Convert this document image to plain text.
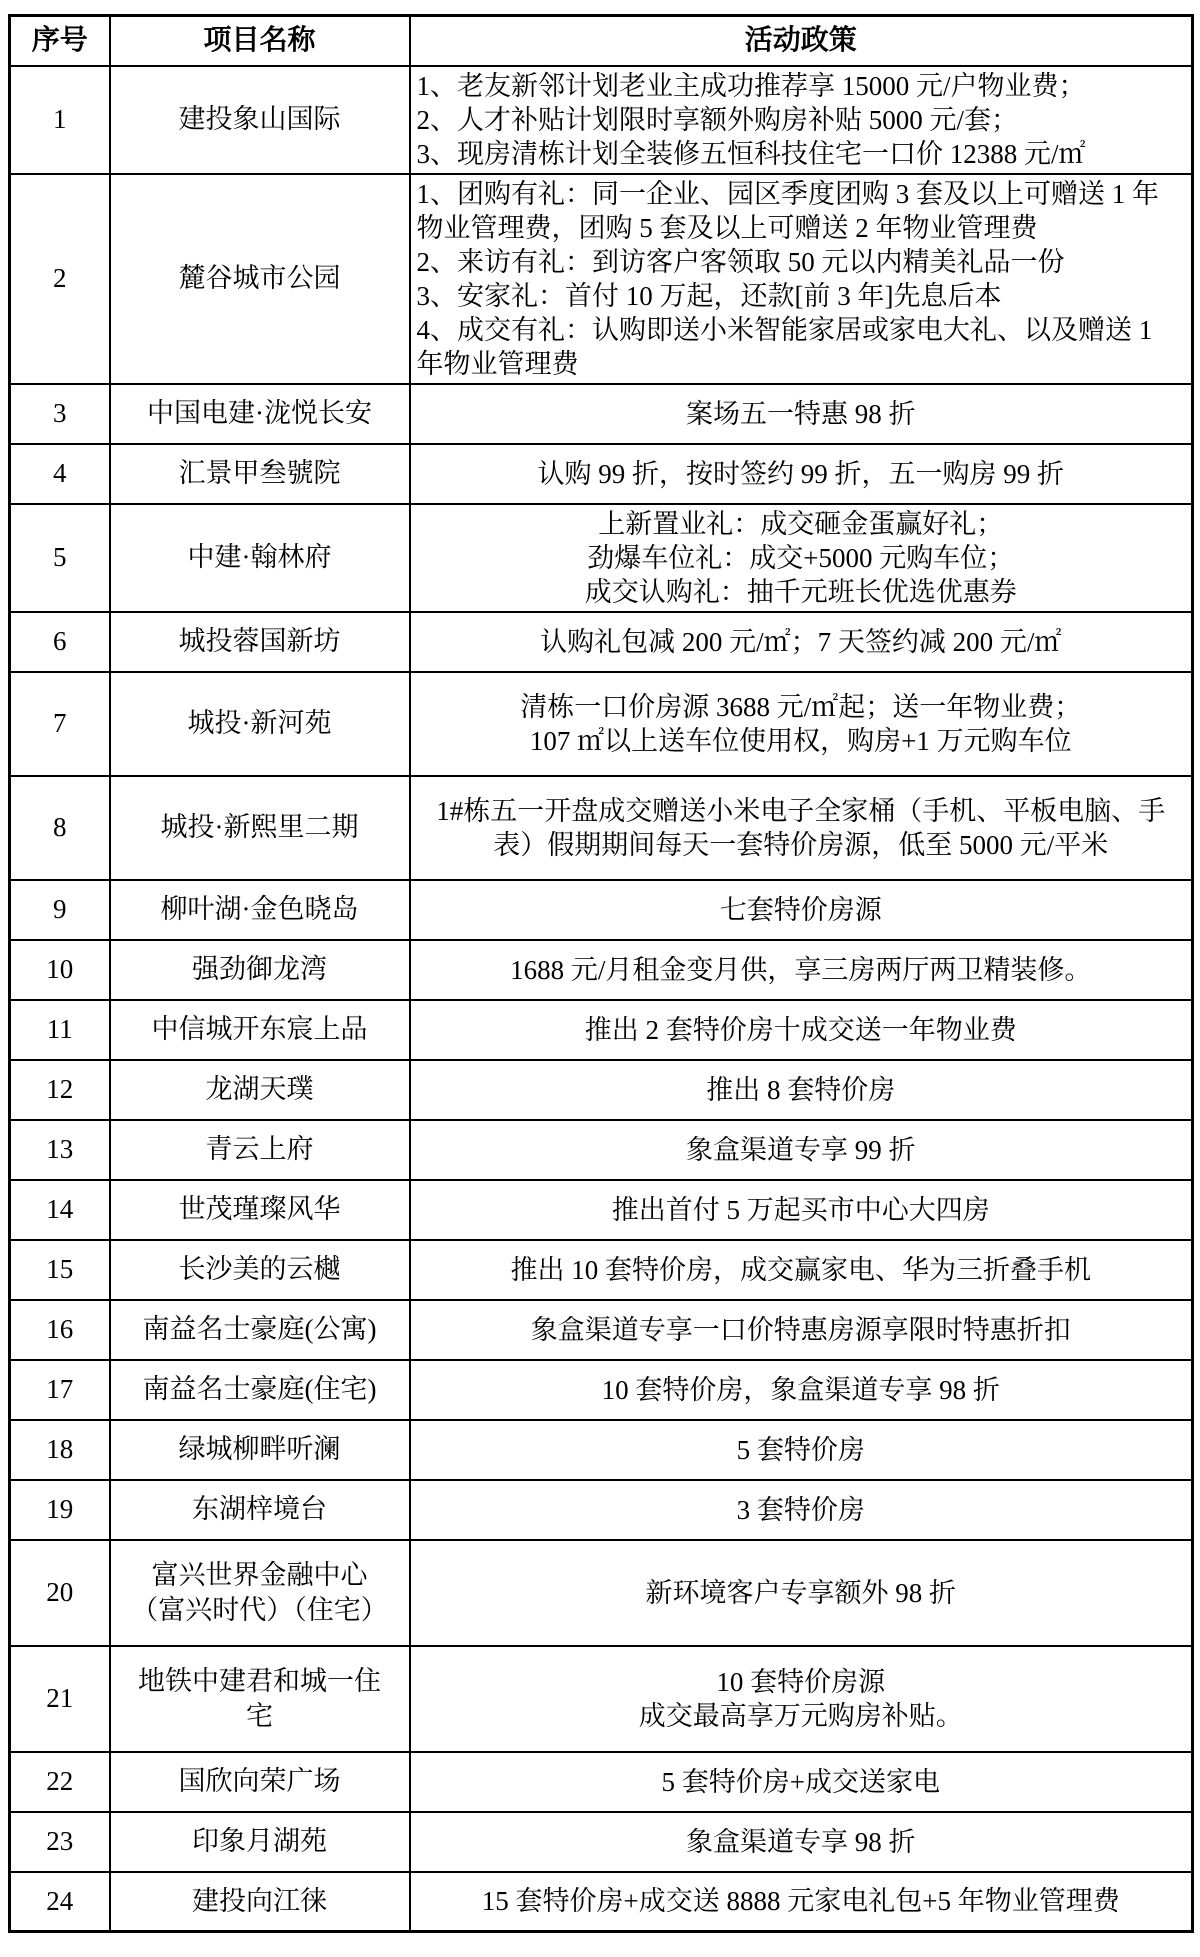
序号	项目名称	活动政策
1	建投象山国际	1、老友新邻计划老业主成功推荐享 15000 元/户物业费；
2、人才补贴计划限时享额外购房补贴 5000 元/套；
3、现房清栋计划全装修五恒科技住宅一口价 12388 元/㎡

2	麓谷城市公园	1、团购有礼：同一企业、园区季度团购 3 套及以上可赠送 1 年物业管理费，团购 5 套及以上可赠送 2 年物业管理费
2、来访有礼：到访客户客领取 50 元以内精美礼品一份
3、安家礼：首付 10 万起，还款[前 3 年]先息后本
4、成交有礼：认购即送小米智能家居或家电大礼、以及赠送 1 年物业管理费

3	中国电建·泷悦长安	案场五一特惠 98 折

4	汇景甲叁號院	认购 99 折，按时签约 99 折，五一购房 99 折

5	中建·翰林府	上新置业礼：成交砸金蛋赢好礼；
劲爆车位礼：成交+5000 元购车位；
成交认购礼：抽千元班长优选优惠券

6	城投蓉国新坊	认购礼包减 200 元/㎡；7 天签约减 200 元/㎡

7	城投·新河苑	清栋一口价房源 3688 元/㎡起；送一年物业费；
107 ㎡以上送车位使用权，购房+1 万元购车位

8	城投·新熙里二期	1#栋五一开盘成交赠送小米电子全家桶（手机、平板电脑、手表）假期期间每天一套特价房源，低至 5000 元/平米

9	柳叶湖·金色晓岛	七套特价房源

10	强劲御龙湾	1688 元/月租金变月供，享三房两厅两卫精装修。

11	中信城开东宸上品	推出 2 套特价房十成交送一年物业费

12	龙湖天璞	推出 8 套特价房

13	青云上府	象盒渠道专享 99 折

14	世茂瑾璨风华	推出首付 5 万起买市中心大四房

15	长沙美的云樾	推出 10 套特价房，成交赢家电、华为三折叠手机

16	南益名士豪庭(公寓)	象盒渠道专享一口价特惠房源享限时特惠折扣

17	南益名士豪庭(住宅)	10 套特价房，象盒渠道专享 98 折

18	绿城柳畔听澜	5 套特价房

19	东湖梓境台	3 套特价房

20	富兴世界金融中心
（富兴时代）（住宅）	新环境客户专享额外 98 折

21	地铁中建君和城一住
宅	10 套特价房源
成交最高享万元购房补贴。

22	国欣向荣广场	5 套特价房+成交送家电

23	印象月湖苑	象盒渠道专享 98 折

24	建投向江徕	15 套特价房+成交送 8888 元家电礼包+5 年物业管理费
